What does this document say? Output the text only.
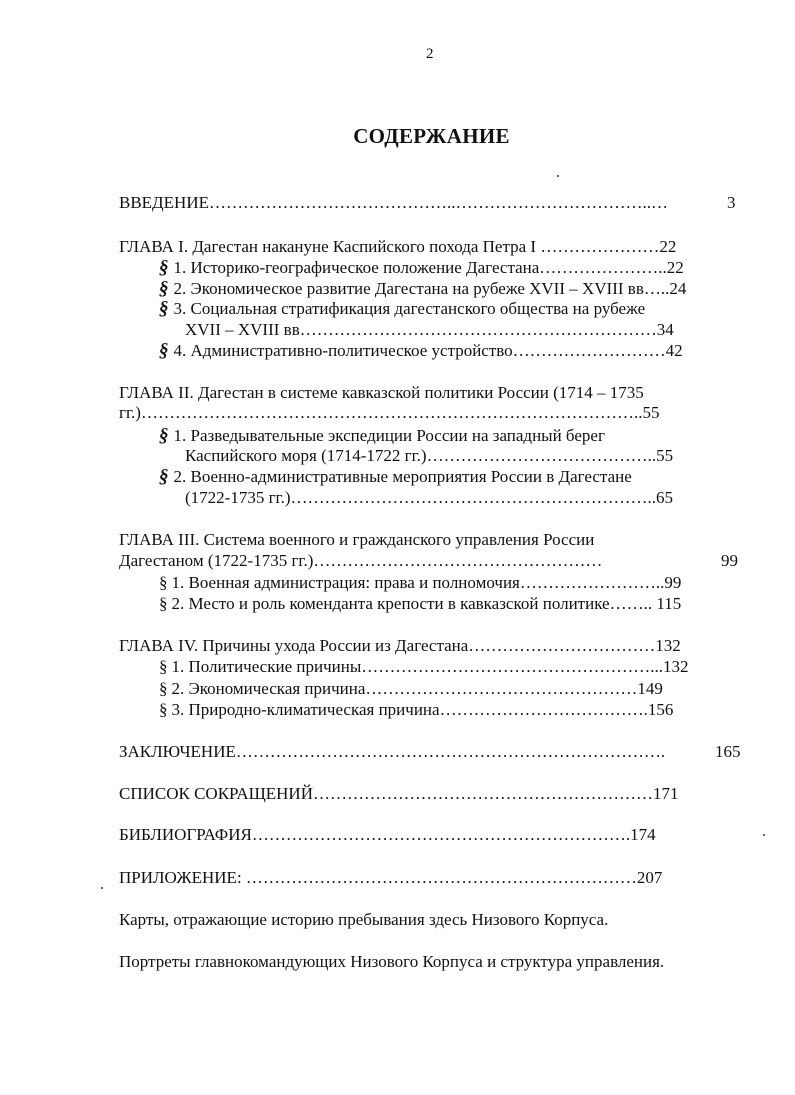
2
СОДЕРЖАНИЕ
ВВЕДЕНИЕ……………………………………..……………………………..…	3
ГЛАВА I. Дагестан накануне Каспийского похода Петра I …………………22
§ 1. Историко-географическое положение Дагестана…………………..22
§ 2. Экономическое развитие Дагестана на рубеже XVII – XVIII вв…..24
§ 3. Социальная стратификация дагестанского общества на рубеже
XVII – XVIII вв………………………………………………………34
§ 4. Административно-политическое устройство………………………42
ГЛАВА II. Дагестан в системе кавказской политики России (1714 – 1735
гг.)……………………………………………………………………………..55
§ 1. Разведывательные экспедиции России на западный берег
Каспийского моря (1714-1722 гг.)…………………………………..55
§ 2. Военно-административные мероприятия России в Дагестане
(1722-1735 гг.)………………………………………………………..65
ГЛАВА III. Система военного и гражданского управления России
Дагестаном (1722-1735 гг.)……………………………………………	99
§ 1. Военная администрация: права и полномочия……………………..99
§ 2. Место и роль коменданта крепости в кавказской политике…….. 115
ГЛАВА IV. Причины ухода России из Дагестана……………………………132
§ 1. Политические причины……………………………………………...132
§ 2. Экономическая причина…………………………………………149
§ 3. Природно-климатическая причина……………………………….156
ЗАКЛЮЧЕНИЕ………………………………………………………………….	165
СПИСОК СОКРАЩЕНИЙ……………………………………………………171
БИБЛИОГРАФИЯ………………………………………………………….174
ПРИЛОЖЕНИЕ: ……………………………………………………………207
Карты, отражающие историю пребывания здесь Низового Корпуса.
Портреты главнокомандующих Низового Корпуса и структура управления.
